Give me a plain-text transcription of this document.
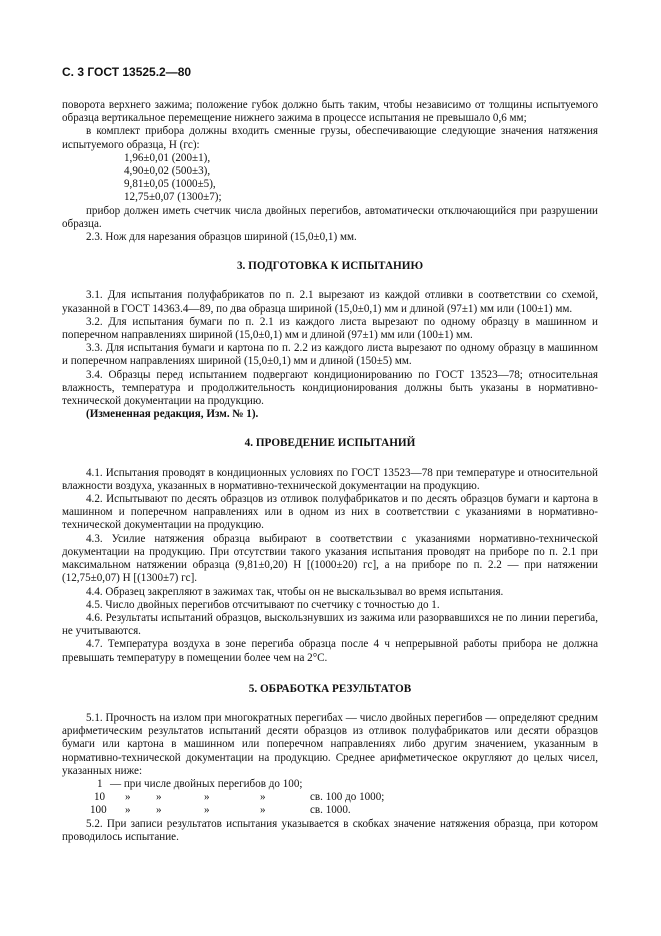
С. 3 ГОСТ 13525.2—80

поворота верхнего зажима; положение губок должно быть таким, чтобы независимо от толщины испытуемого образца вертикальное перемещение нижнего зажима в процессе испытания не превышало 0,6 мм;

в комплект прибора должны входить сменные грузы, обеспечивающие следующие значения натяжения испытуемого образца, Н (гс):

1,96±0,01 (200±1),

4,90±0,02 (500±3),

9,81±0,05 (1000±5),

12,75±0,07 (1300±7);

прибор должен иметь счетчик числа двойных перегибов, автоматически отключающийся при разрушении образца.

2.3. Нож для нарезания образцов шириной (15,0±0,1) мм.

3. ПОДГОТОВКА К ИСПЫТАНИЮ

3.1. Для испытания полуфабрикатов по п. 2.1 вырезают из каждой отливки в соответствии со схемой, указанной в ГОСТ 14363.4—89, по два образца шириной (15,0±0,1) мм и длиной (97±1) мм или (100±1) мм.

3.2. Для испытания бумаги по п. 2.1 из каждого листа вырезают по одному образцу в машинном и поперечном направлениях шириной (15,0±0,1) мм и длиной (97±1) мм или (100±1) мм.

3.3. Для испытания бумаги и картона по п. 2.2 из каждого листа вырезают по одному образцу в машинном и поперечном направлениях шириной (15,0±0,1) мм и длиной (150±5) мм.

3.4. Образцы перед испытанием подвергают кондиционированию по ГОСТ 13523—78; относительная влажность, температура и продолжительность кондиционирования должны быть указаны в нормативно-технической документации на продукцию.

(Измененная редакция, Изм. № 1).

4. ПРОВЕДЕНИЕ ИСПЫТАНИЙ

4.1. Испытания проводят в кондиционных условиях по ГОСТ 13523—78 при температуре и относительной влажности воздуха, указанных в нормативно-технической документации на продукцию.

4.2. Испытывают по десять образцов из отливок полуфабрикатов и по десять образцов бумаги и картона в машинном и поперечном направлениях или в одном из них в соответствии с указаниями в нормативно-технической документации на продукцию.

4.3. Усилие натяжения образца выбирают в соответствии с указаниями нормативно-технической документации на продукцию. При отсутствии такого указания испытания проводят на приборе по п. 2.1 при максимальном натяжении образца (9,81±0,20) Н [(1000±20) гс], а на приборе по п. 2.2 — при натяжении (12,75±0,07) Н [(1300±7) гс].

4.4. Образец закрепляют в зажимах так, чтобы он не выскальзывал во время испытания.

4.5. Число двойных перегибов отсчитывают по счетчику с точностью до 1.

4.6. Результаты испытаний образцов, выскользнувших из зажима или разорвавшихся не по линии перегиба, не учитываются.

4.7. Температура воздуха в зоне перегиба образца после 4 ч непрерывной работы прибора не должна превышать температуру в помещении более чем на 2°С.

5. ОБРАБОТКА РЕЗУЛЬТАТОВ

5.1. Прочность на излом при многократных перегибах — число двойных перегибов — определяют средним арифметическим результатов испытаний десяти образцов из отливок полуфабрикатов или десяти образцов бумаги или картона в машинном или поперечном направлениях либо другим значением, указанным в нормативно-технической документации на продукцию. Среднее арифметическое округляют до целых чисел, указанных ниже:

1 — при числе двойных перегибов до 100;
10 » »	»	»	св. 100 до 1000;
100 » »	»	»	св. 1000.

5.2. При записи результатов испытания указывается в скобках значение натяжения образца, при котором проводилось испытание.
